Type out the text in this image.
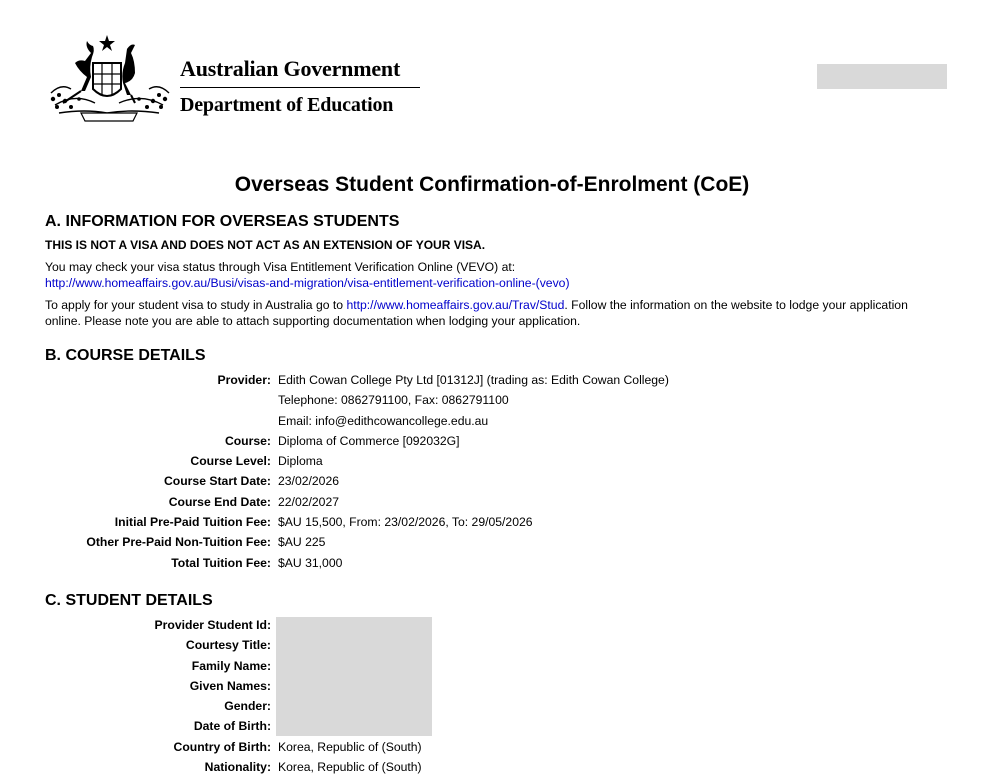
Australian Government
Department of Education
Overseas Student Confirmation-of-Enrolment (CoE)
A. INFORMATION FOR OVERSEAS STUDENTS
THIS IS NOT A VISA AND DOES NOT ACT AS AN EXTENSION OF YOUR VISA.
You may check your visa status through Visa Entitlement Verification Online (VEVO) at:
http://www.homeaffairs.gov.au/Busi/visas-and-migration/visa-entitlement-verification-online-(vevo)
To apply for your student visa to study in Australia go to http://www.homeaffairs.gov.au/Trav/Stud. Follow the information on the website to lodge your application online. Please note you are able to attach supporting documentation when lodging your application.
B. COURSE DETAILS
Provider: Edith Cowan College Pty Ltd [01312J] (trading as: Edith Cowan College)
Telephone: 0862791100, Fax: 0862791100
Email: info@edithcowancollege.edu.au
Course: Diploma of Commerce [092032G]
Course Level: Diploma
Course Start Date: 23/02/2026
Course End Date: 22/02/2027
Initial Pre-Paid Tuition Fee: $AU 15,500, From: 23/02/2026, To: 29/05/2026
Other Pre-Paid Non-Tuition Fee: $AU 225
Total Tuition Fee: $AU 31,000
C. STUDENT DETAILS
Provider Student Id:
Courtesy Title:
Family Name:
Given Names:
Gender:
Date of Birth:
Country of Birth: Korea, Republic of (South)
Nationality: Korea, Republic of (South)
